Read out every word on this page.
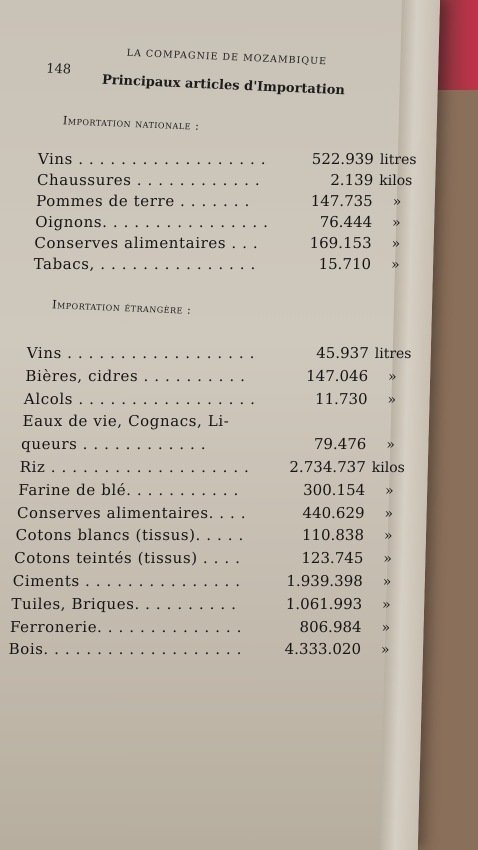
148
LA COMPAGNIE DE MOZAMBIQUE
Principaux articles d'Importation
Importation nationale :
Vins . . . . . . . . . . . . . . . . . .	522.939 litres
Chaussures . . . . . . . . . . . .	2.139 kilos
Pommes de terre . . . . . . .	147.735 »
Oignons. . . . . . . . . . . . . . . .	76.444 »
Conserves alimentaires . . .	169.153 »
Tabacs, . . . . . . . . . . . . . . .	15.710 »
Importation étrangère :
Vins . . . . . . . . . . . . . . . . . .	45.937 litres
Bières, cidres . . . . . . . . . .	147.046 »
Alcols . . . . . . . . . . . . . . . . .	11.730 »
Eaux de vie, Cognacs, Li-
queurs . . . . . . . . . . . .	79.476 »
Riz . . . . . . . . . . . . . . . . . . .	2.734.737 kilos
Farine de blé. . . . . . . . . . .	300.154 »
Conserves alimentaires. . . .	440.629 »
Cotons blancs (tissus). . . . .	110.838 »
Cotons teintés (tissus) . . . .	123.745 »
Ciments . . . . . . . . . . . . . . .	1.939.398 »
Tuiles, Briques. . . . . . . . . .	1.061.993 »
Ferronerie. . . . . . . . . . . . . .	806.984 »
Bois. . . . . . . . . . . . . . . . . . .	4.333.020 »
